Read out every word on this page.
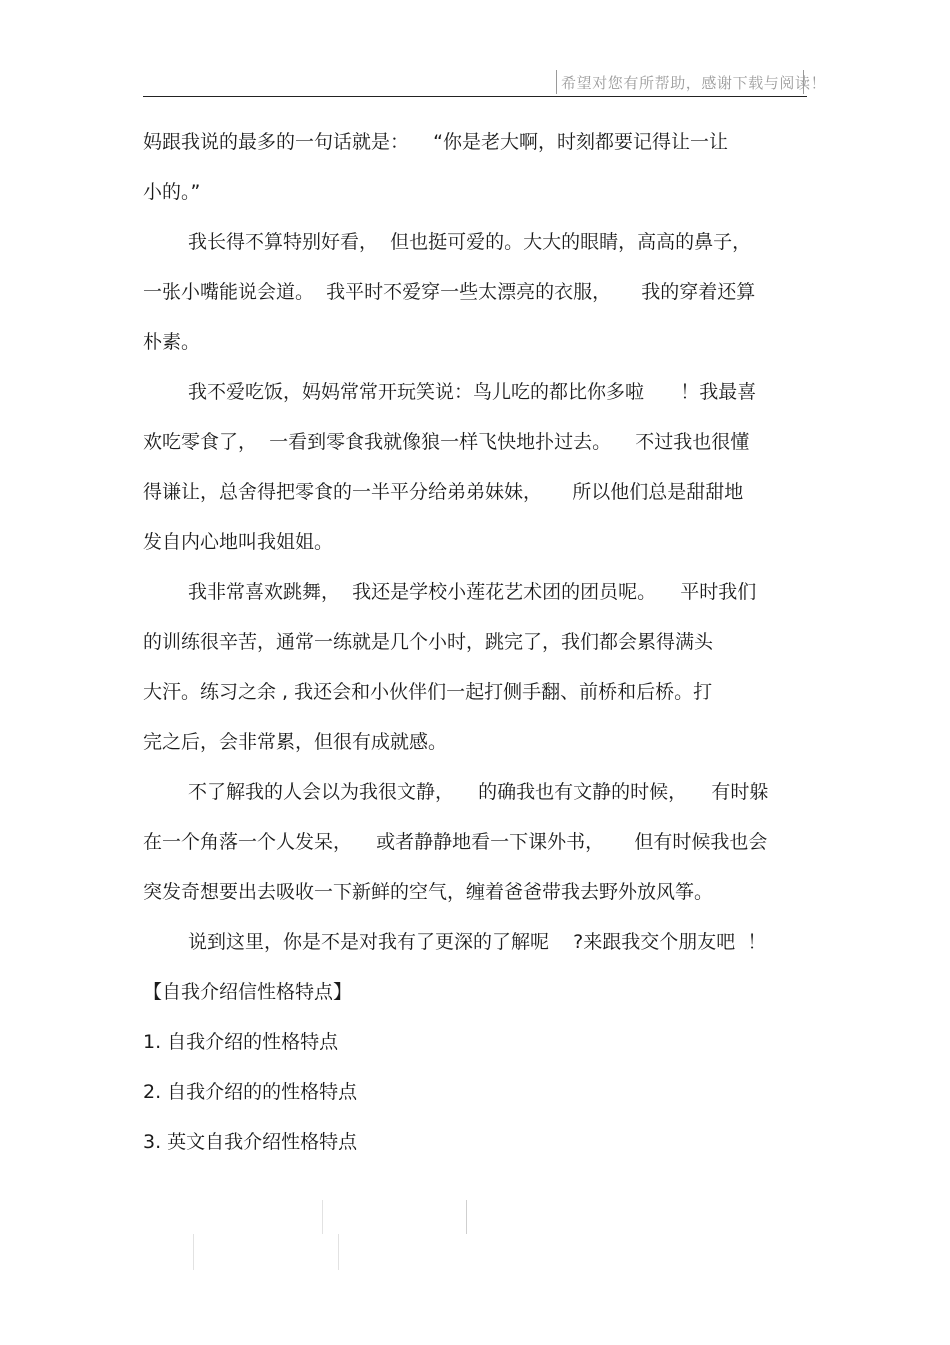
希望对您有所帮助，感谢下载与阅读！
妈跟我说的最多的一句话就是：    “你是老大啊，时刻都要记得让一让
小的。”
我长得不算特别好看，  但也挺可爱的。大大的眼睛，高高的鼻子，
一张小嘴能说会道。  我平时不爱穿一些太漂亮的衣服，     我的穿着还算
朴素。
我不爱吃饭，妈妈常常开玩笑说：鸟儿吃的都比你多啦      ！我最喜
欢吃零食了，  一看到零食我就像狼一样飞快地扑过去。    不过我也很懂
得谦让，总舍得把零食的一半平分给弟弟妹妹，     所以他们总是甜甜地
发自内心地叫我姐姐。
我非常喜欢跳舞，  我还是学校小莲花艺术团的团员呢。    平时我们
的训练很辛苦，通常一练就是几个小时，跳完了，我们都会累得满头
大汗。练习之余 , 我还会和小伙伴们一起打侧手翻、前桥和后桥。打
完之后，会非常累，但很有成就感。
不了解我的人会以为我很文静，    的确我也有文静的时候，    有时躲
在一个角落一个人发呆，    或者静静地看一下课外书，     但有时候我也会
突发奇想要出去吸收一下新鲜的空气，缠着爸爸带我去野外放风筝。
说到这里，你是不是对我有了更深的了解呢    ?来跟我交个朋友吧  ！
【自我介绍信性格特点】
1. 自我介绍的性格特点
2. 自我介绍的的性格特点
3. 英文自我介绍性格特点
